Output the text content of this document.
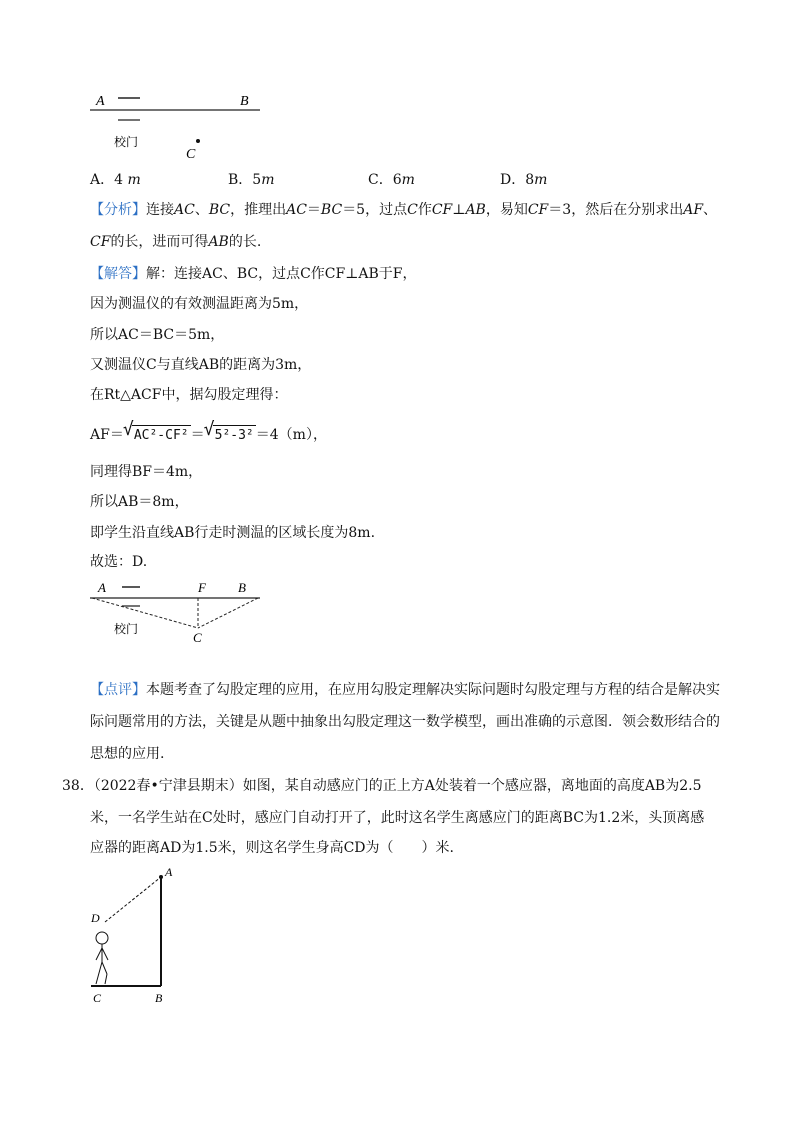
A	B
校门
C
A．4 m	B．5m	C．6m	D．8m
【分析】连接AC、BC，推理出AC＝BC＝5，过点C作CF⊥AB，易知CF＝3，然后在分别求出AF、
CF的长，进而可得AB的长.
【解答】解：连接AC、BC，过点C作CF⊥AB于F，
因为测温仪的有效测温距离为5m，
所以AC＝BC＝5m，
又测温仪C与直线AB的距离为3m，
在Rt△ACF中，据勾股定理得：
AF＝ √ AC²-CF² ＝ √ 5²-3² ＝4（m），
同理得BF＝4m，
所以AB＝8m，
即学生沿直线AB行走时测温的区域长度为8m.
故选：D.
A	F B
校门
C
【点评】本题考查了勾股定理的应用，在应用勾股定理解决实际问题时勾股定理与方程的结合是解决实
际问题常用的方法，关键是从题中抽象出勾股定理这一数学模型，画出准确的示意图．领会数形结合的
思想的应用.
38．（2022春•宁津县期末）如图，某自动感应门的正上方A处装着一个感应器，离地面的高度AB为2.5
米，一名学生站在C处时，感应门自动打开了，此时这名学生离感应门的距离BC为1.2米，头顶离感
应器的距离AD为1.5米，则这名学生身高CD为（　　）米.
A
D
C	B
